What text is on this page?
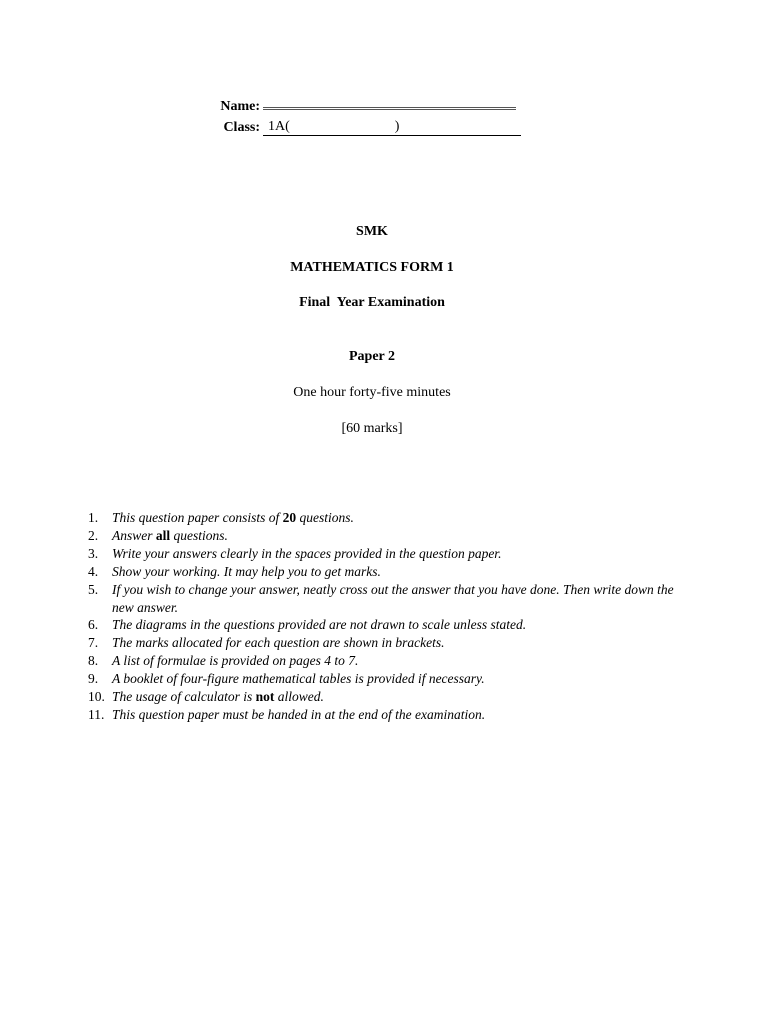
Name:
Class: 1A(                              )
SMK
MATHEMATICS FORM 1
Final  Year Examination
Paper 2
One hour forty-five minutes
[60 marks]
1. This question paper consists of 20 questions.
2. Answer all questions.
3. Write your answers clearly in the spaces provided in the question paper.
4. Show your working. It may help you to get marks.
5. If you wish to change your answer, neatly cross out the answer that you have done. Then write down the new answer.
6. The diagrams in the questions provided are not drawn to scale unless stated.
7. The marks allocated for each question are shown in brackets.
8. A list of formulae is provided on pages 4 to 7.
9. A booklet of four-figure mathematical tables is provided if necessary.
10. The usage of calculator is not allowed.
11. This question paper must be handed in at the end of the examination.
